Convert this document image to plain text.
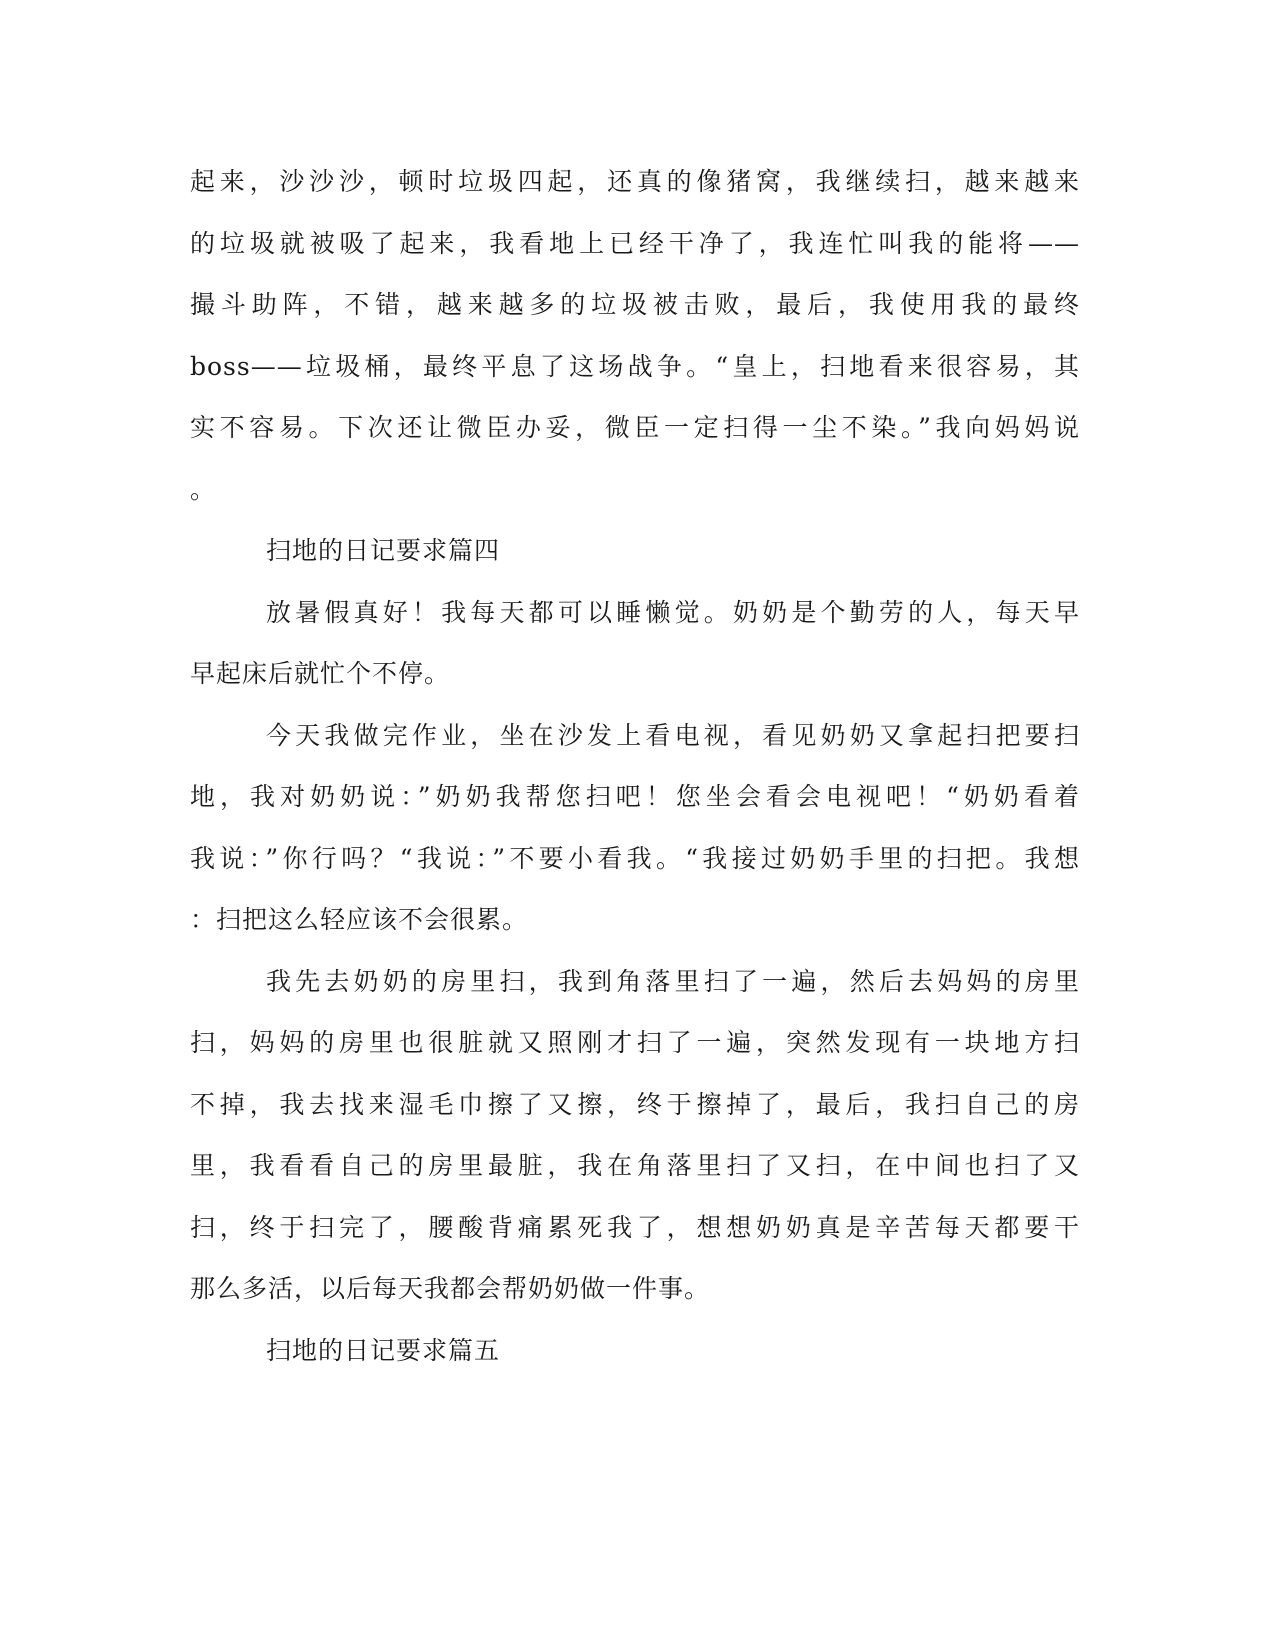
起来，沙沙沙，顿时垃圾四起，还真的像猪窝，我继续扫，越来越来
的垃圾就被吸了起来，我看地上已经干净了，我连忙叫我的能将——
撮斗助阵，不错，越来越多的垃圾被击败，最后，我使用我的最终
boss——垃圾桶，最终平息了这场战争。“皇上，扫地看来很容易，其
实不容易。下次还让微臣办妥，微臣一定扫得一尘不染。”我向妈妈说
。
扫地的日记要求篇四
放暑假真好！我每天都可以睡懒觉。奶奶是个勤劳的人，每天早
早起床后就忙个不停。
今天我做完作业，坐在沙发上看电视，看见奶奶又拿起扫把要扫
地，我对奶奶说：”奶奶我帮您扫吧！您坐会看会电视吧！“奶奶看着
我说：”你行吗？“我说：”不要小看我。“我接过奶奶手里的扫把。我想
：扫把这么轻应该不会很累。
我先去奶奶的房里扫，我到角落里扫了一遍，然后去妈妈的房里
扫，妈妈的房里也很脏就又照刚才扫了一遍，突然发现有一块地方扫
不掉，我去找来湿毛巾擦了又擦，终于擦掉了，最后，我扫自己的房
里，我看看自己的房里最脏，我在角落里扫了又扫，在中间也扫了又
扫，终于扫完了，腰酸背痛累死我了，想想奶奶真是辛苦每天都要干
那么多活，以后每天我都会帮奶奶做一件事。
扫地的日记要求篇五
